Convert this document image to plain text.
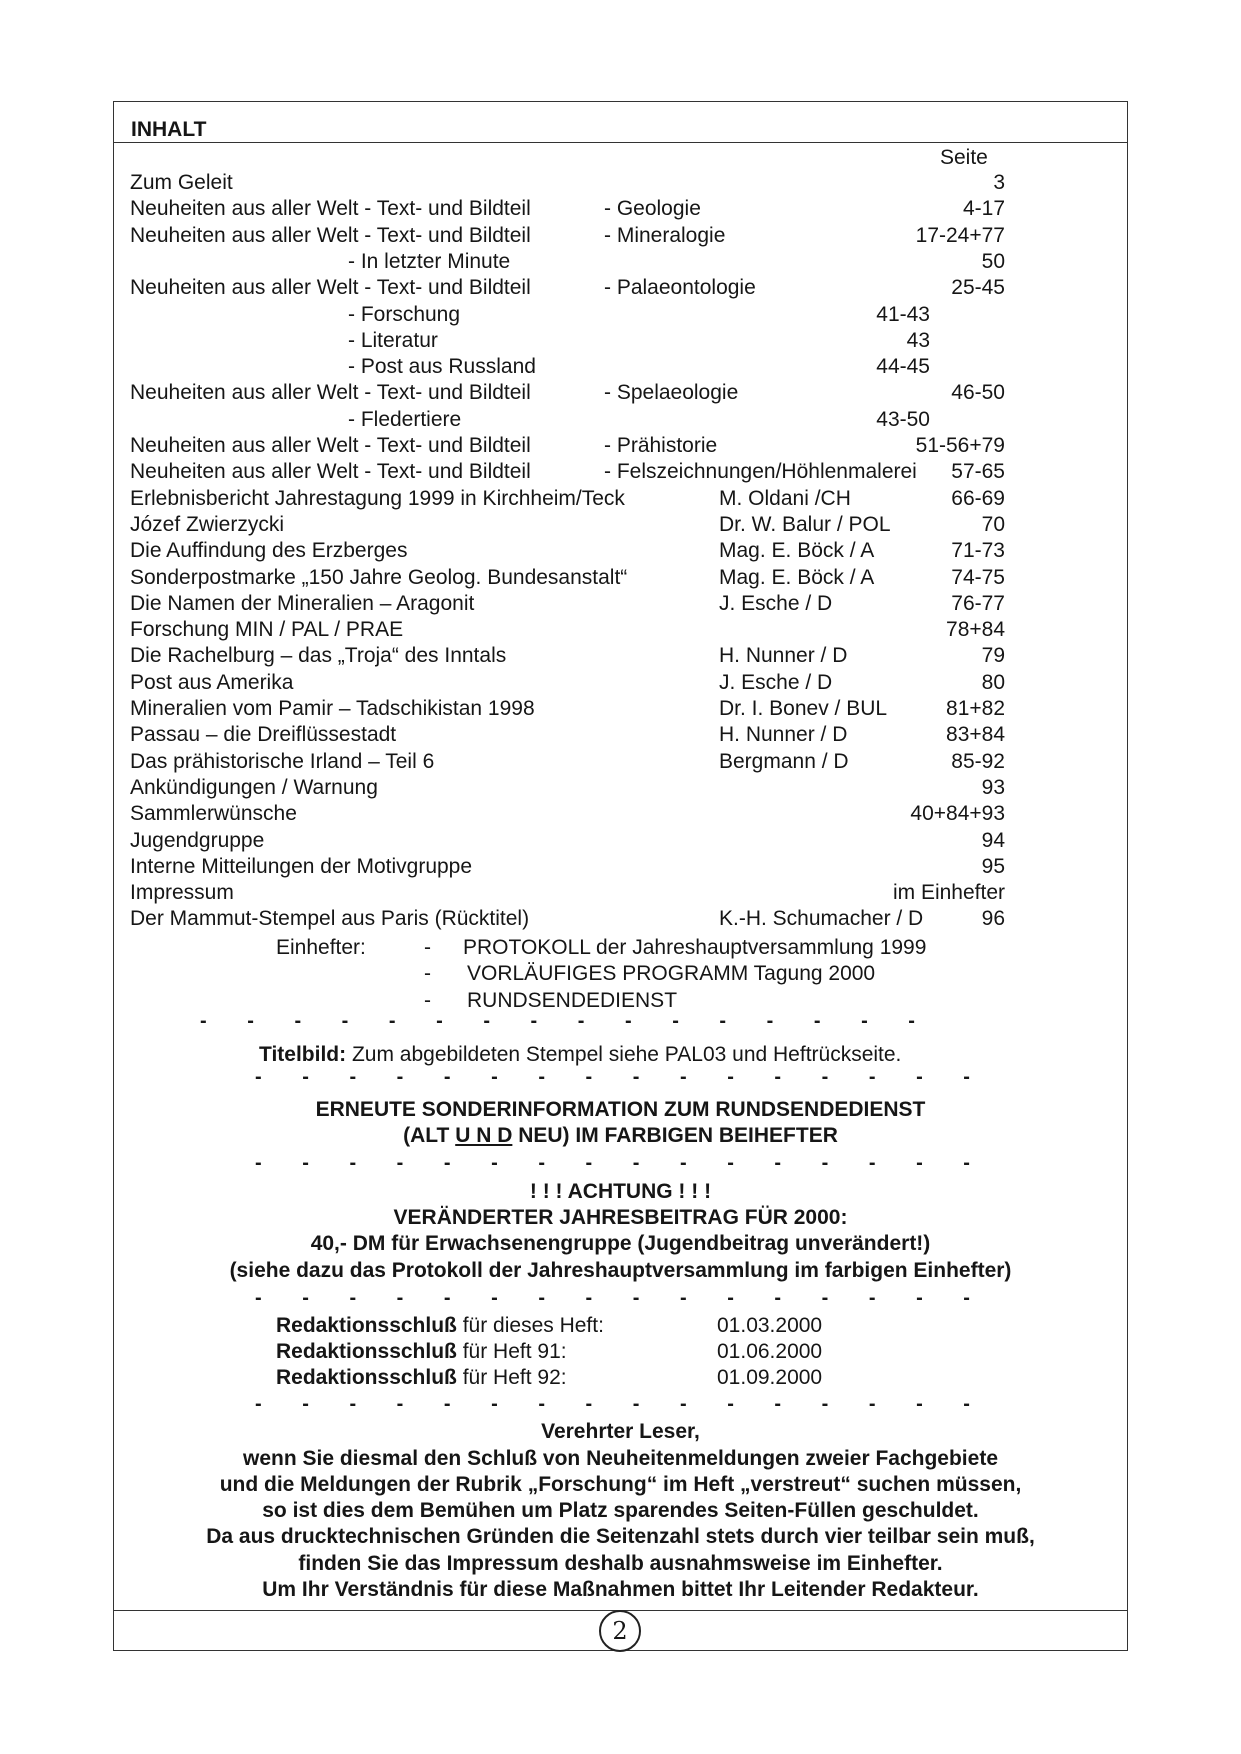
INHALT
Seite
Zum Geleit	3
Neuheiten aus aller Welt - Text- und Bildteil	- Geologie	4-17
Neuheiten aus aller Welt - Text- und Bildteil	- Mineralogie	17-24+77
- In letzter Minute	50
Neuheiten aus aller Welt - Text- und Bildteil	- Palaeontologie	25-45
- Forschung	41-43
- Literatur	43
- Post aus Russland	44-45
Neuheiten aus aller Welt - Text- und Bildteil	- Spelaeologie	46-50
- Fledertiere	43-50
Neuheiten aus aller Welt - Text- und Bildteil	- Prähistorie	51-56+79
Neuheiten aus aller Welt - Text- und Bildteil	- Felszeichnungen/Höhlenmalerei 57-65
Erlebnisbericht Jahrestagung 1999 in Kirchheim/Teck	M. Oldani /CH	66-69
Józef Zwierzycki	Dr. W. Balur / POL	70
Die Auffindung des Erzberges	Mag. E. Böck / A	71-73
Sonderpostmarke „150 Jahre Geolog. Bundesanstalt“	Mag. E. Böck / A	74-75
Die Namen der Mineralien – Aragonit	J. Esche / D	76-77
Forschung MIN / PAL / PRAE	78+84
Die Rachelburg – das „Troja“ des Inntals	H. Nunner / D	79
Post aus Amerika	J. Esche / D	80
Mineralien vom Pamir – Tadschikistan 1998	Dr. I. Bonev / BUL	81+82
Passau – die Dreiflüssestadt	H. Nunner / D	83+84
Das prähistorische Irland – Teil 6	Bergmann / D	85-92
Ankündigungen / Warnung	93
Sammlerwünsche	40+84+93
Jugendgruppe	94
Interne Mitteilungen der Motivgruppe	95
Impressum	im Einhefter
Der Mammut-Stempel aus Paris (Rücktitel)	K.-H. Schumacher / D	96
Einhefter:	- PROTOKOLL der Jahreshauptversammlung 1999
- VORLÄUFIGES PROGRAMM Tagung 2000
- RUNDSENDEDIENST
- - - - - - - - - - - - - - - -
Titelbild: Zum abgebildeten Stempel siehe PAL03 und Heftrückseite.
- - - - - - - - - - - - - - - -
ERNEUTE SONDERINFORMATION ZUM RUNDSENDEDIENST
(ALT U N D NEU) IM FARBIGEN BEIHEFTER
- - - - - - - - - - - - - - - -
! ! ! ACHTUNG ! ! !
VERÄNDERTER JAHRESBEITRAG FÜR 2000:
40,- DM für Erwachsenengruppe (Jugendbeitrag unverändert!)
(siehe dazu das Protokoll der Jahreshauptversammlung im farbigen Einhefter)
- - - - - - - - - - - - - - - -
Redaktionsschluß für dieses Heft:	01.03.2000
Redaktionsschluß für Heft 91:	01.06.2000
Redaktionsschluß für Heft 92:	01.09.2000
- - - - - - - - - - - - - - - -
Verehrter Leser,
wenn Sie diesmal den Schluß von Neuheitenmeldungen zweier Fachgebiete
und die Meldungen der Rubrik „Forschung“ im Heft „verstreut“ suchen müssen,
so ist dies dem Bemühen um Platz sparendes Seiten-Füllen geschuldet.
Da aus drucktechnischen Gründen die Seitenzahl stets durch vier teilbar sein muß,
finden Sie das Impressum deshalb ausnahmsweise im Einhefter.
Um Ihr Verständnis für diese Maßnahmen bittet Ihr Leitender Redakteur.
2
